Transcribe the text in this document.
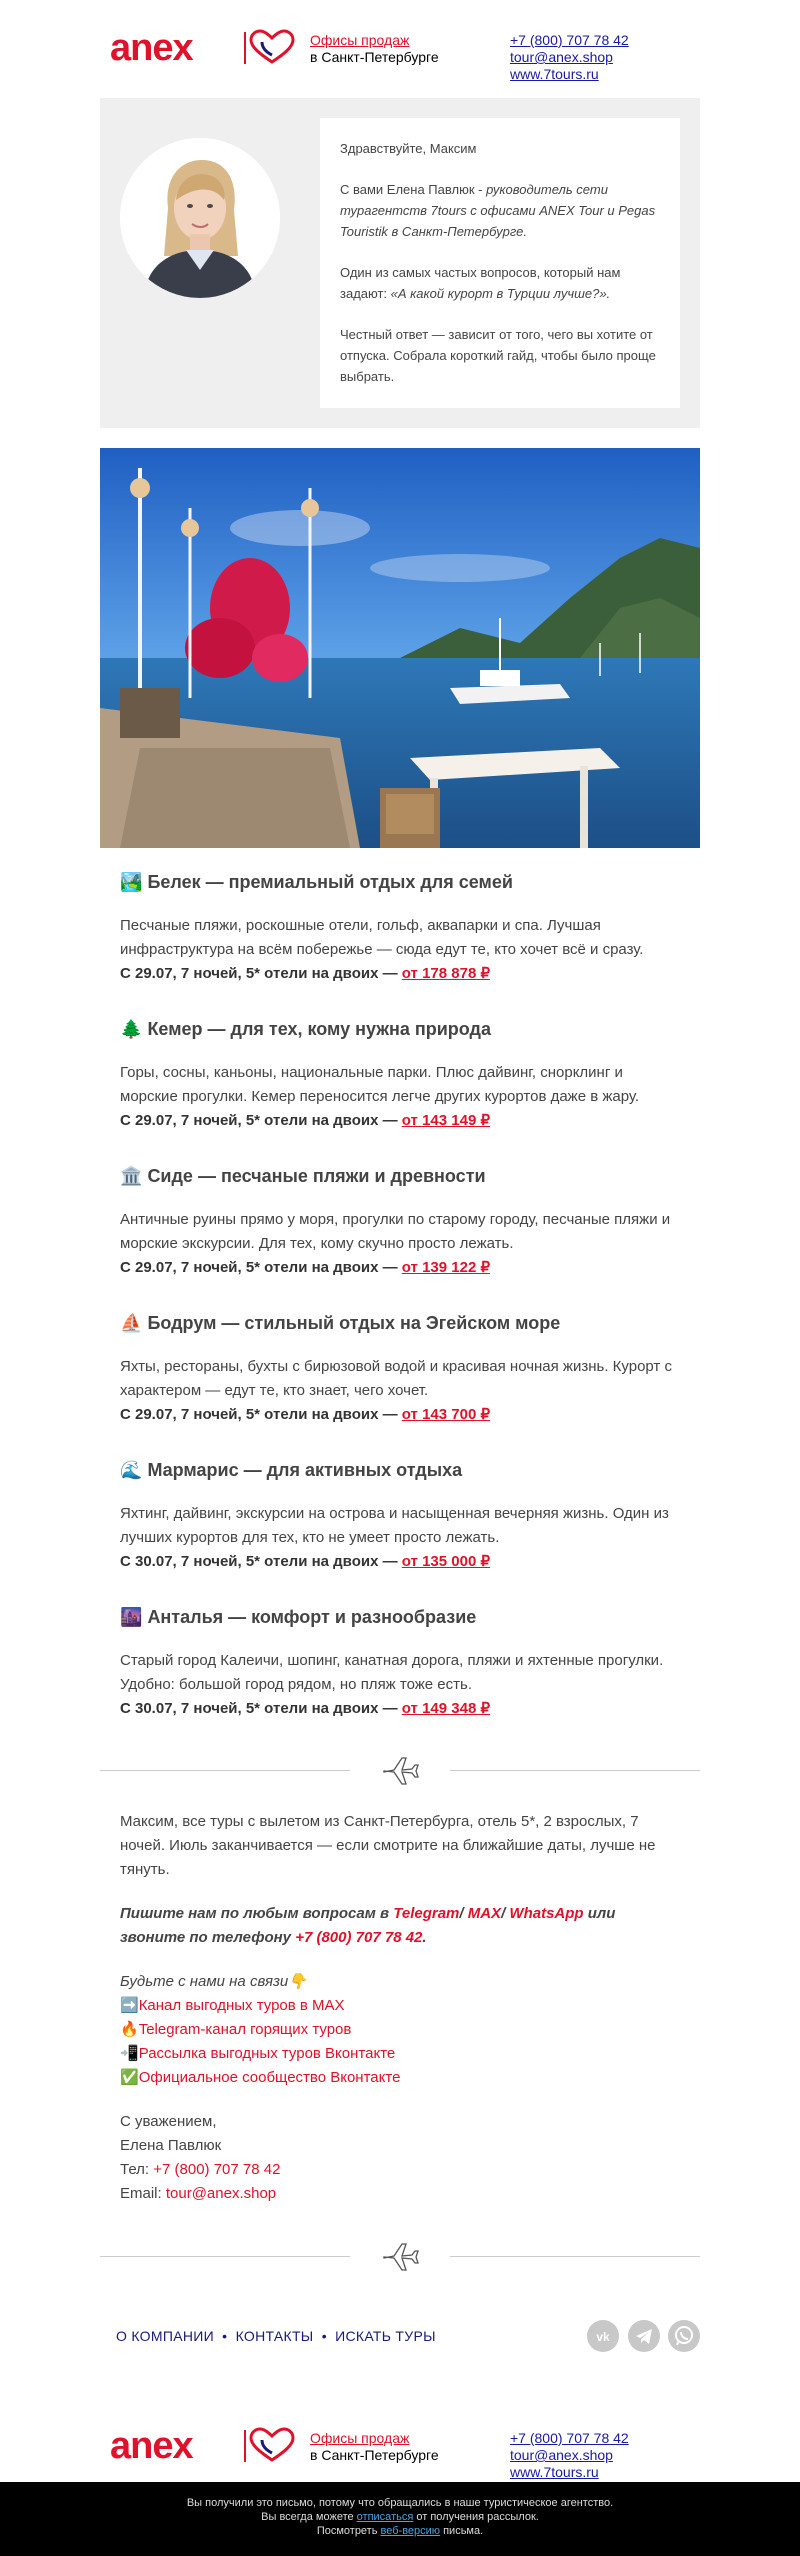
anex	Офисы продаж
в Санкт-Петербурге
+7 (800) 707 78 42
tour@anex.shop
www.7tours.ru

Здравствуйте, Максим

С вами Елена Павлюк - руководитель сети турагентств 7tours с офисами ANEX Tour и Pegas Touristik в Санкт-Петербурге.

Один из самых частых вопросов, который нам задают: «А какой курорт в Турции лучше?».

Честный ответ — зависит от того, чего вы хотите от отпуска. Собрала короткий гайд, чтобы было проще выбрать.

🏞️ Белек — премиальный отдых для семей
Песчаные пляжи, роскошные отели, гольф, аквапарки и спа. Лучшая инфраструктура на всём побережье — сюда едут те, кто хочет всё и сразу.
С 29.07, 7 ночей, 5* отели на двоих — от 178 878 ₽
🌲 Кемер — для тех, кому нужна природа
Горы, сосны, каньоны, национальные парки. Плюс дайвинг, снорклинг и морские прогулки. Кемер переносится легче других курортов даже в жару.
С 29.07, 7 ночей, 5* отели на двоих — от 143 149 ₽
🏛️ Сиде — песчаные пляжи и древности
Античные руины прямо у моря, прогулки по старому городу, песчаные пляжи и морские экскурсии. Для тех, кому скучно просто лежать.
С 29.07, 7 ночей, 5* отели на двоих — от 139 122 ₽
⛵ Бодрум — стильный отдых на Эгейском море
Яхты, рестораны, бухты с бирюзовой водой и красивая ночная жизнь. Курорт с характером — едут те, кто знает, чего хочет.
С 29.07, 7 ночей, 5* отели на двоих — от 143 700 ₽
🌊 Мармарис — для активных отдыха
Яхтинг, дайвинг, экскурсии на острова и насыщенная вечерняя жизнь. Один из лучших курортов для тех, кто не умеет просто лежать.
С 30.07, 7 ночей, 5* отели на двоих — от 135 000 ₽
🌆 Анталья — комфорт и разнообразие
Старый город Калеичи, шопинг, канатная дорога, пляжи и яхтенные прогулки. Удобно: большой город рядом, но пляж тоже есть.
С 30.07, 7 ночей, 5* отели на двоих — от 149 348 ₽

Максим, все туры с вылетом из Санкт-Петербурга, отель 5*, 2 взрослых, 7 ночей. Июль заканчивается — если смотрите на ближайшие даты, лучше не тянуть.

Пишите нам по любым вопросам в Telegram/ MAX/ WhatsApp или звоните по телефону +7 (800) 707 78 42.

Будьте с нами на связи👇
➡️Канал выгодных туров в MAX
🔥Telegram-канал горящих туров
📲Рассылка выгодных туров Вконтакте
✅Официальное сообщество Вконтакте

С уважением,
Елена Павлюк
Тел: +7 (800) 707 78 42
Email: tour@anex.shop

О КОМПАНИИ • КОНТАКТЫ • ИСКАТЬ ТУРЫ	vk

anex	Офисы продаж
в Санкт-Петербурге
+7 (800) 707 78 42
tour@anex.shop
www.7tours.ru
Вы получили это письмо, потому что обращались в наше туристическое агентство.
Вы всегда можете отписаться от получения рассылок.
Посмотреть веб-версию письма.
